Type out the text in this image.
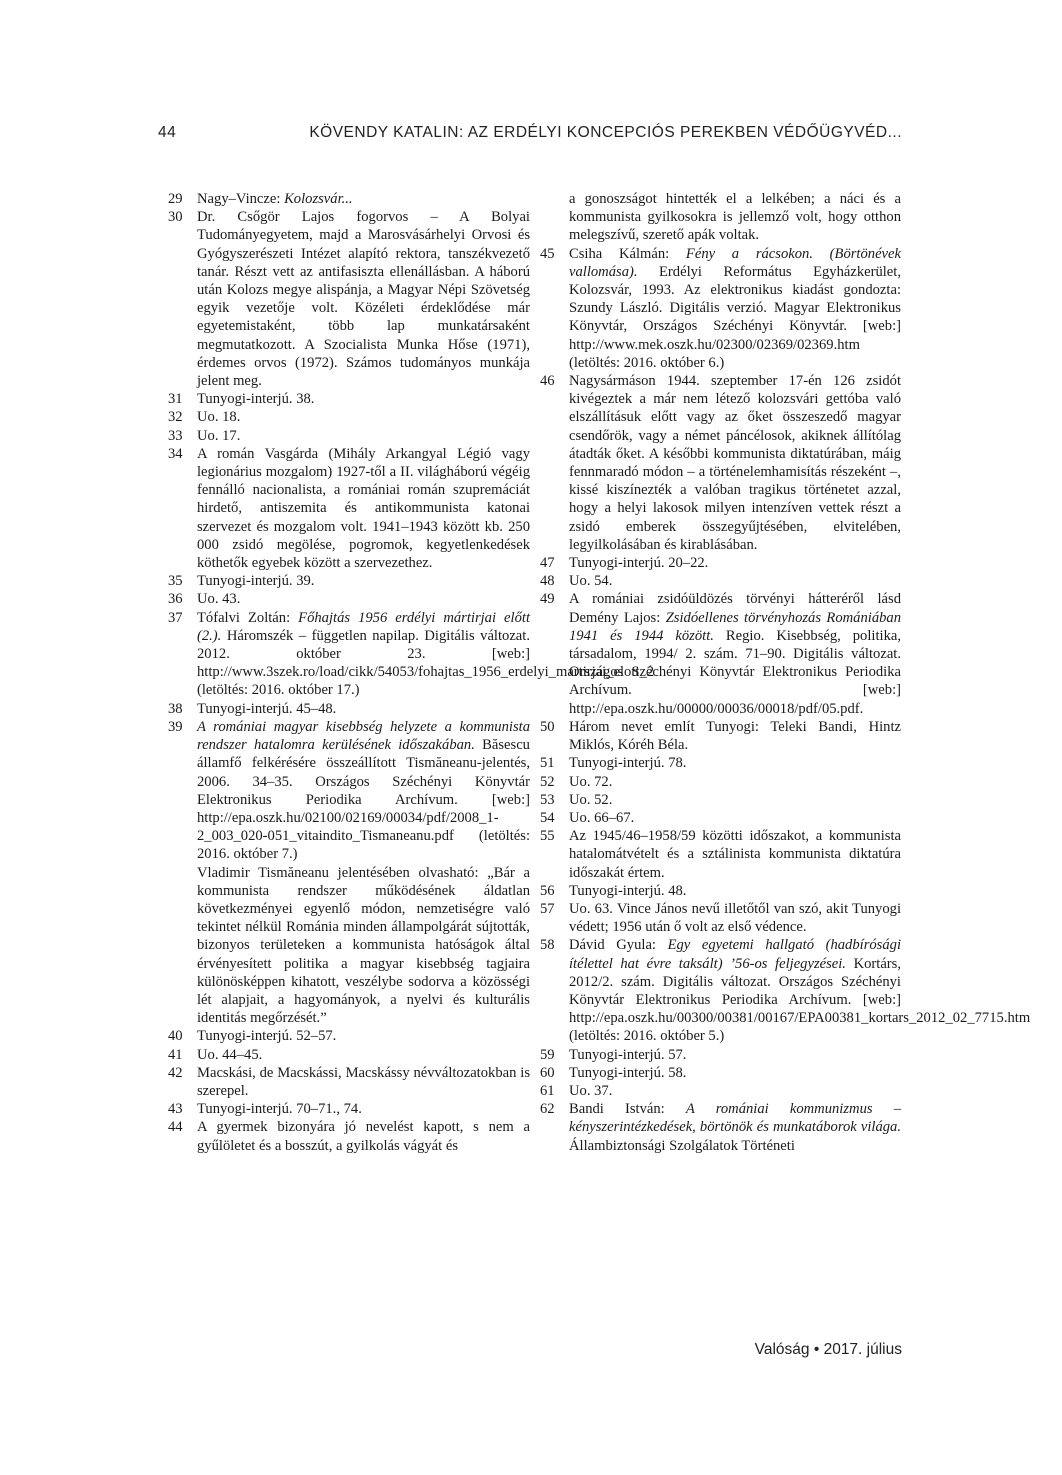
44	KÖVENDY KATALIN: AZ ERDÉLYI KONCEPCIÓS PEREKBEN VÉDŐÜGYVÉD...
29 Nagy–Vincze: Kolozsvár...
30 Dr. Csőgör Lajos fogorvos – A Bolyai Tudományegyetem, majd a Marosvásárhelyi Orvosi és Gyógyszerészeti Intézet alapító rektora, tanszékvezető tanár. Részt vett az antifasiszta ellenállásban. A háború után Kolozs megye alispánja, a Magyar Népi Szövetség egyik vezetője volt. Közéleti érdeklődése már egyetemistaként, több lap munkatársaként megmutatkozott. A Szocialista Munka Hőse (1971), érdemes orvos (1972). Számos tudományos munkája jelent meg.
31 Tunyogi-interjú. 38.
32 Uo. 18.
33 Uo. 17.
34 A román Vasgárda (Mihály Arkangyal Légió vagy legionárius mozgalom) 1927-től a II. világháború végéig fennálló nacionalista, a romániai román szupremáciát hirdető, antiszemita és antikommunista katonai szervezet és mozgalom volt. 1941–1943 között kb. 250 000 zsidó megölése, pogromok, kegyetlenkedések köthetők egyebek között a szervezethez.
35 Tunyogi-interjú. 39.
36 Uo. 43.
37 Tófalvi Zoltán: Főhajtás 1956 erdélyi mártirjai előtt (2.). Háromszék – független napilap. Digitális változat. 2012. október 23. [web:] http://www.3szek.ro/load/cikk/54053/fohajtas_1956_erdelyi_martirjai_elott_2 (letöltés: 2016. október 17.)
38 Tunyogi-interjú. 45–48.
39 A romániai magyar kisebbség helyzete a kommunista rendszer hatalomra kerülésének időszakában. Băsescu államfő felkérésére összeállított Tismăneanu-jelentés, 2006. 34–35. Országos Széchényi Könyvtár Elektronikus Periodika Archívum. [web:] http://epa.oszk.hu/02100/02169/00034/pdf/2008_1-2_003_020-051_vitaindito_Tismaneanu.pdf (letöltés: 2016. október 7.)
Vladimir Tismăneanu jelentésében olvasható: „Bár a kommunista rendszer működésének áldatlan következményei egyenlő módon, nemzetiségre való tekintet nélkül Románia minden állampolgárát sújtották, bizonyos területeken a kommunista hatóságok által érvényesített politika a magyar kisebbség tagjaira különösképpen kihatott, veszélybe sodorva a közösségi lét alapjait, a hagyományok, a nyelvi és kulturális identitás megőrzését.”
40 Tunyogi-interjú. 52–57.
41 Uo. 44–45.
42 Macskási, de Macskássi, Macskássy névváltozatokban is szerepel.
43 Tunyogi-interjú. 70–71., 74.
44 A gyermek bizonyára jó nevelést kapott, s nem a gyűlöletet és a bosszút, a gyilkolás vágyát és
a gonoszságot hintették el a lelkében; a náci és a kommunista gyilkosokra is jellemző volt, hogy otthon melegszívű, szerető apák voltak.
45 Csiha Kálmán: Fény a rácsokon. (Börtönévek vallomása). Erdélyi Református Egyházkerület, Kolozsvár, 1993. Az elektronikus kiadást gondozta: Szundy László. Digitális verzió. Magyar Elektronikus Könyvtár, Országos Széchényi Könyvtár. [web:] http://www.mek.oszk.hu/02300/02369/02369.htm (letöltés: 2016. október 6.)
46 Nagysármáson 1944. szeptember 17-én 126 zsidót kivégeztek a már nem létező kolozsvári gettóba való elszállításuk előtt vagy az őket összeszedő magyar csendőrök, vagy a német páncélosok, akiknek állítólag átadták őket. A későbbi kommunista diktatúrában, máig fennmaradó módon – a történelemhamisítás részeként –, kissé kiszínezték a valóban tragikus történetet azzal, hogy a helyi lakosok milyen intenzíven vettek részt a zsidó emberek összegyűjtésében, elvitelében, legyilkolásában és kirablásában.
47 Tunyogi-interjú. 20–22.
48 Uo. 54.
49 A romániai zsidóüldözés törvényi hátteréről lásd Demény Lajos: Zsidóellenes törvényhozás Romániában 1941 és 1944 között. Regio. Kisebbség, politika, társadalom, 1994/ 2. szám. 71–90. Digitális változat. Országos Széchényi Könyvtár Elektronikus Periodika Archívum. [web:] http://epa.oszk.hu/00000/00036/00018/pdf/05.pdf.
50 Három nevet említ Tunyogi: Teleki Bandi, Hintz Miklós, Kóréh Béla.
51 Tunyogi-interjú. 78.
52 Uo. 72.
53 Uo. 52.
54 Uo. 66–67.
55 Az 1945/46–1958/59 közötti időszakot, a kommunista hatalomátvételt és a sztálinista kommunista diktatúra időszakát értem.
56 Tunyogi-interjú. 48.
57 Uo. 63. Vince János nevű illetőtől van szó, akit Tunyogi védett; 1956 után ő volt az első védence.
58 Dávid Gyula: Egy egyetemi hallgató (hadbírósági ítélettel hat évre taksált) ’56-os feljegyzései. Kortárs, 2012/2. szám. Digitális változat. Országos Széchényi Könyvtár Elektronikus Periodika Archívum. [web:] http://epa.oszk.hu/00300/00381/00167/EPA00381_kortars_2012_02_7715.htm (letöltés: 2016. október 5.)
59 Tunyogi-interjú. 57.
60 Tunyogi-interjú. 58.
61 Uo. 37.
62 Bandi István: A romániai kommunizmus – kényszerintézkedések, börtönök és munkatáborok világa. Állambiztonsági Szolgálatok Történeti
Valóság • 2017. július
